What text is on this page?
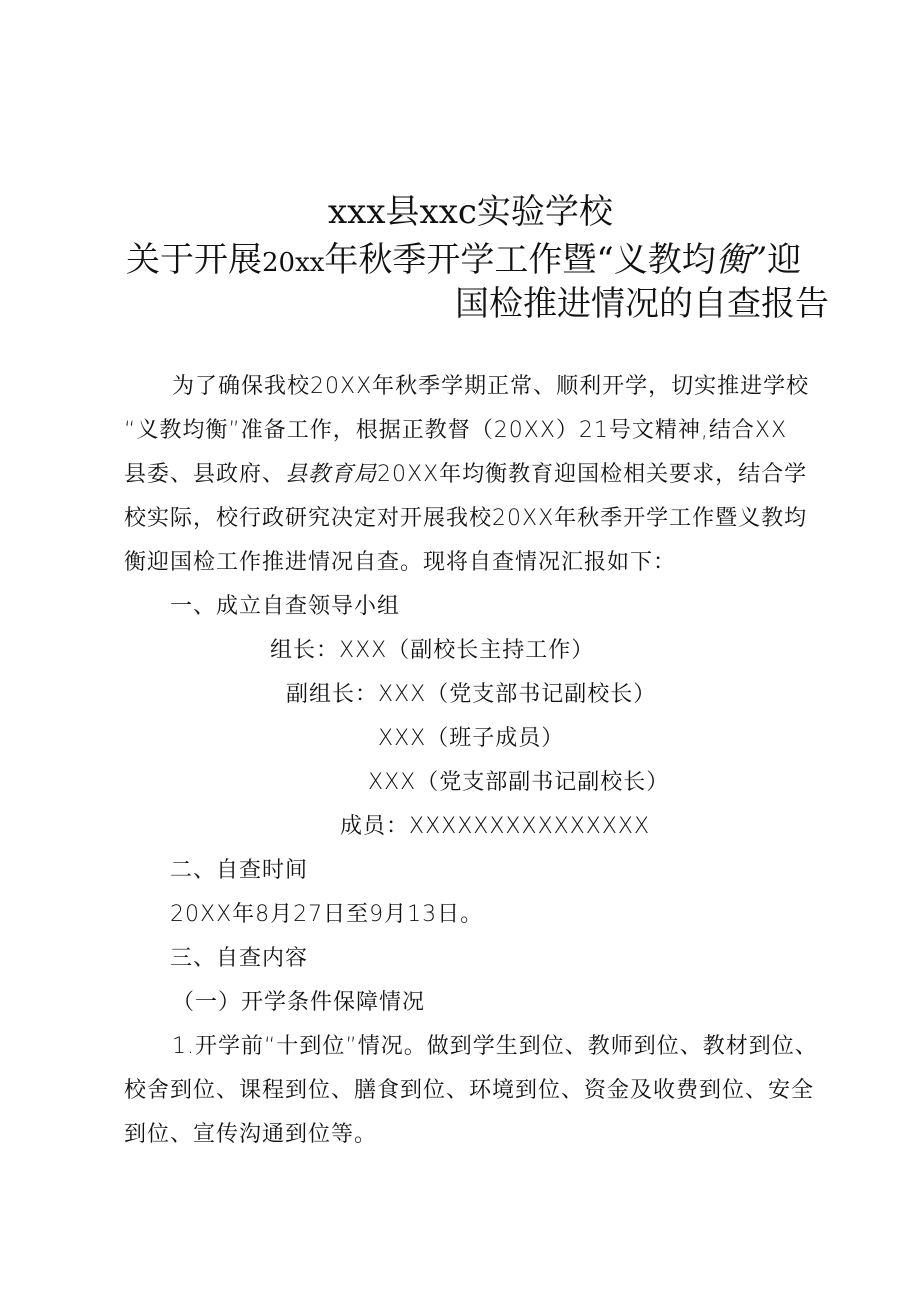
xxx县xxc实验学校
关于开展20xx年秋季开学工作暨“义教均衡”迎
国检推进情况的自查报告
为了确保我校20XX年秋季学期正常、顺利开学，切实推进学校
“义教均衡”准备工作，根据正教督（20XX）21号文精神,结合XX
县委、县政府、县教育局20XX年均衡教育迎国检相关要求，结合学
校实际，校行政研究决定对开展我校20XX年秋季开学工作暨义教均
衡迎国检工作推进情况自查。现将自查情况汇报如下：
一、成立自查领导小组
组长：XXX（副校长主持工作）
副组长：XXX（党支部书记副校长）
XXX（班子成员）
XXX（党支部副书记副校长）
成员：XXXXXXXXXXXXXXX
二、自查时间
20XX年8月27日至9月13日。
三、自查内容
（一）开学条件保障情况
1.开学前“十到位”情况。做到学生到位、教师到位、教材到位、
校舍到位、课程到位、膳食到位、环境到位、资金及收费到位、安全
到位、宣传沟通到位等。
